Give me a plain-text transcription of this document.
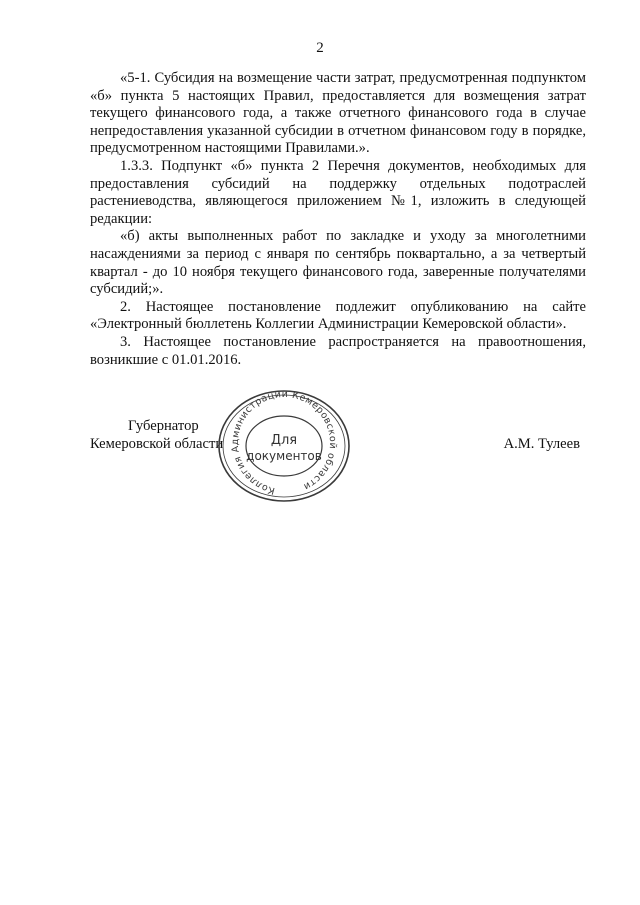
2

«5-1. Субсидия на возмещение части затрат, предусмотренная подпунктом «б» пункта 5 настоящих Правил, предоставляется для возмещения затрат текущего финансового года, а также отчетного финансового года в случае непредоставления указанной субсидии в отчетном финансовом году в порядке, предусмотренном настоящими Правилами.».

1.3.3. Подпункт «б» пункта 2 Перечня документов, необходимых для предоставления субсидий на поддержку отдельных подотраслей растениеводства, являющегося приложением №1, изложить в следующей редакции:

«б) акты выполненных работ по закладке и уходу за многолетними насаждениями за период с января по сентябрь поквартально, а за четвертый квартал - до 10 ноября текущего финансового года, заверенные получателями субсидий;».

2. Настоящее постановление подлежит опубликованию на сайте «Электронный бюллетень Коллегии Администрации Кемеровской области».

3. Настоящее постановление распространяется на правоотношения, возникшие с 01.01.2016.

Губернатор
Кемеровской области	А.М. Тулеев
Коллегия Администрации Кемеровской области
Для
документов
